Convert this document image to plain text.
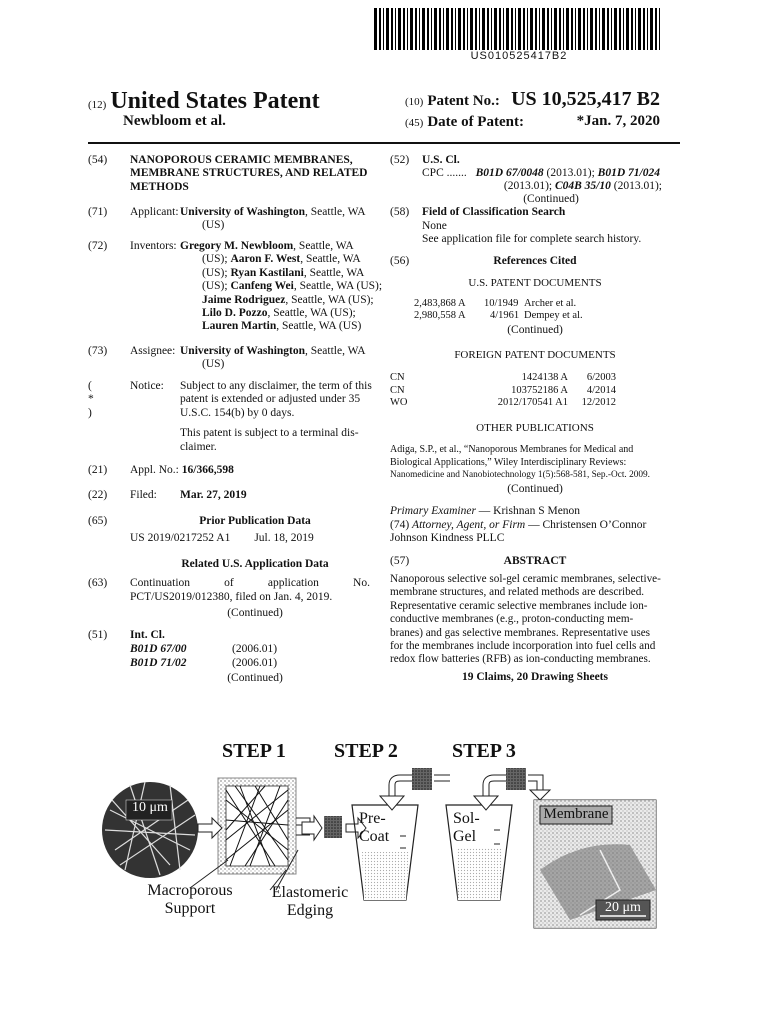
US010525417B2
(12) United States Patent
Newbloom et al.
(10) Patent No.: US 10,525,417 B2
(45) Date of Patent:	*Jan. 7, 2020
(54) NANOPOROUS CERAMIC MEMBRANES,
MEMBRANE STRUCTURES, AND RELATED
METHODS
(71) Applicant: University of Washington, Seattle, WA
(US)
(72) Inventors: Gregory M. Newbloom, Seattle, WA
(US); Aaron F. West, Seattle, WA
(US); Ryan Kastilani, Seattle, WA
(US); Canfeng Wei, Seattle, WA (US);
Jaime Rodriguez, Seattle, WA (US);
Lilo D. Pozzo, Seattle, WA (US);
Lauren Martin, Seattle, WA (US)
(73) Assignee: University of Washington, Seattle, WA
(US)
( * )
Notice: Subject to any disclaimer, the term of this
patent is extended or adjusted under 35
U.S.C. 154(b) by 0 days.
This patent is subject to a terminal dis-
claimer.
(21) Appl. No.: 16/366,598
(22) Filed: Mar. 27, 2019
(65)	Prior Publication Data
US 2019/0217252 A1 Jul. 18, 2019
Related U.S. Application Data
(63) Continuation	of	application	No.
PCT/US2019/012380, filed on Jan. 4, 2019.
(Continued)
(51) Int. Cl.
B01D 67/00	(2006.01)
B01D 71/02	(2006.01)
(Continued)
(52) U.S. Cl.
CPC ....... B01D 67/0048 (2013.01); B01D 71/024
(2013.01); C04B 35/10 (2013.01);
(Continued)
(58) Field of Classification Search
None
See application file for complete search history.
(56)	References Cited
U.S. PATENT DOCUMENTS
2,483,868 A 10/1949 Archer et al.
2,980,558 A 4/1961 Dempey et al.
(Continued)
FOREIGN PATENT DOCUMENTS
CN	1424138 A	6/2003
CN	103752186 A	4/2014
WO	2012/170541 A1	12/2012
OTHER PUBLICATIONS
Adiga, S.P., et al., “Nanoporous Membranes for Medical and
Biological Applications,” Wiley Interdisciplinary Reviews:
Nanomedicine and Nanobiotechnology 1(5):568-581, Sep.-Oct. 2009.
(Continued)
Primary Examiner — Krishnan S Menon
(74) Attorney, Agent, or Firm — Christensen O’Connor
Johnson Kindness PLLC
(57)	ABSTRACT
Nanoporous selective sol-gel ceramic membranes, selective-
membrane structures, and related methods are described.
Representative ceramic selective membranes include ion-
conductive membranes (e.g., proton-conducting mem-
branes) and gas selective membranes. Representative uses
for the membranes include incorporation into fuel cells and
redox flow batteries (RFB) as ion-conducting membranes.
19 Claims, 20 Drawing Sheets
STEP 1 STEP 2	STEP 3
10 μm
Pre-
Coat
Sol-
Gel
Membrane
20 μm
Macroporous
Support
Elastomeric
Edging
